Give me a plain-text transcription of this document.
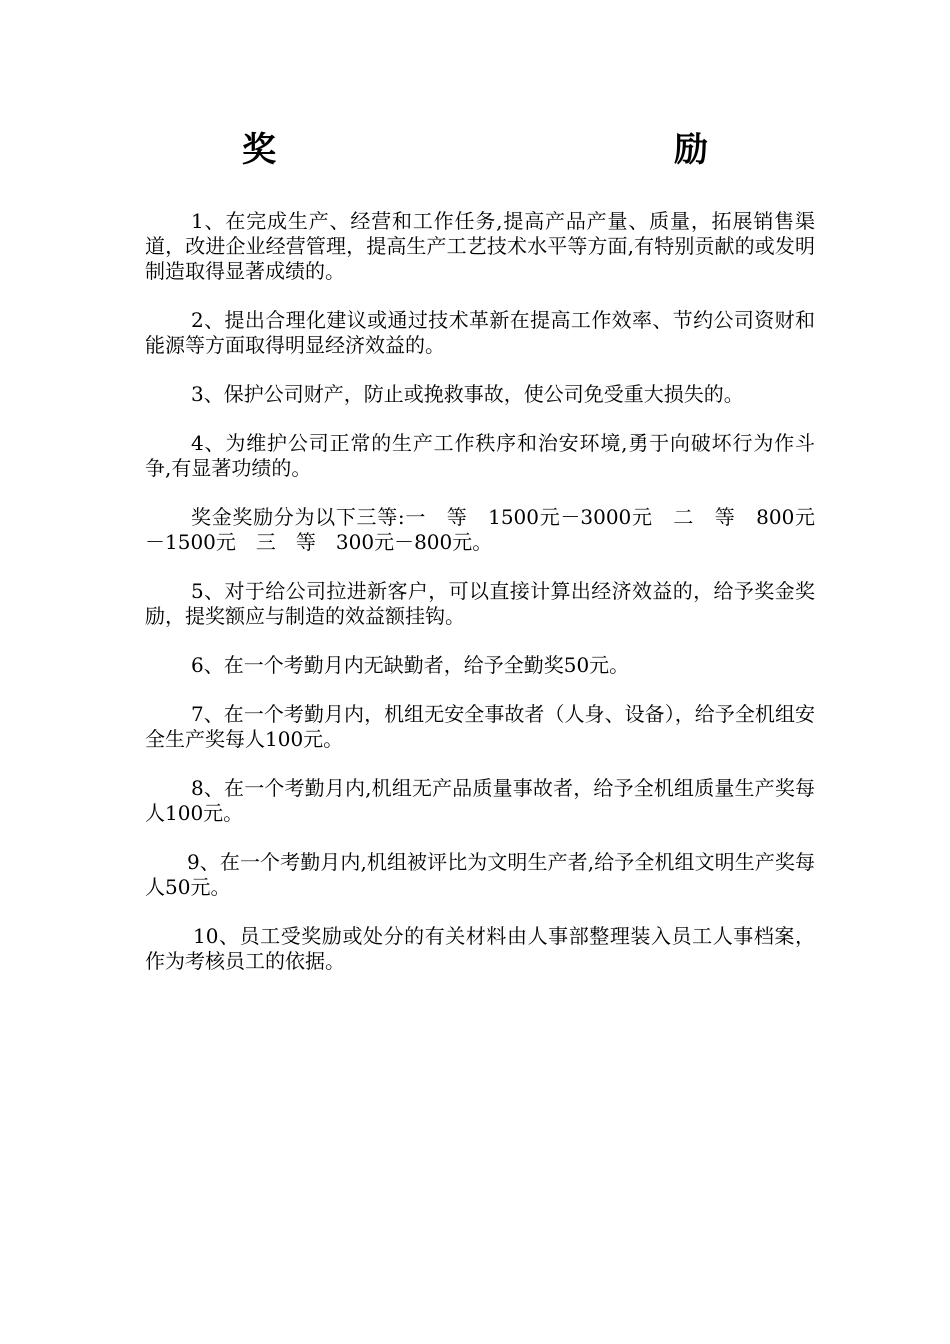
奖　　励

1、在完成生产、经营和工作任务,提高产品产量、质量，拓展销售渠道，改进企业经营管理，提高生产工艺技术水平等方面,有特别贡献的或发明制造取得显著成绩的。

2、提出合理化建议或通过技术革新在提高工作效率、节约公司资财和能源等方面取得明显经济效益的。

3、保护公司财产，防止或挽救事故，使公司免受重大损失的。

4、为维护公司正常的生产工作秩序和治安环境,勇于向破坏行为作斗争,有显著功绩的。

奖金奖励分为以下三等:一　等　1500元－3000元　二　等　800元－1500元　三　等　300元－800元。

5、对于给公司拉进新客户，可以直接计算出经济效益的，给予奖金奖励，提奖额应与制造的效益额挂钩。

6、在一个考勤月内无缺勤者，给予全勤奖50元。

7、在一个考勤月内，机组无安全事故者（人身、设备），给予全机组安全生产奖每人100元。

8、在一个考勤月内,机组无产品质量事故者，给予全机组质量生产奖每人100元。

9、在一个考勤月内,机组被评比为文明生产者,给予全机组文明生产奖每人50元。

10、员工受奖励或处分的有关材料由人事部整理装入员工人事档案，作为考核员工的依据。
